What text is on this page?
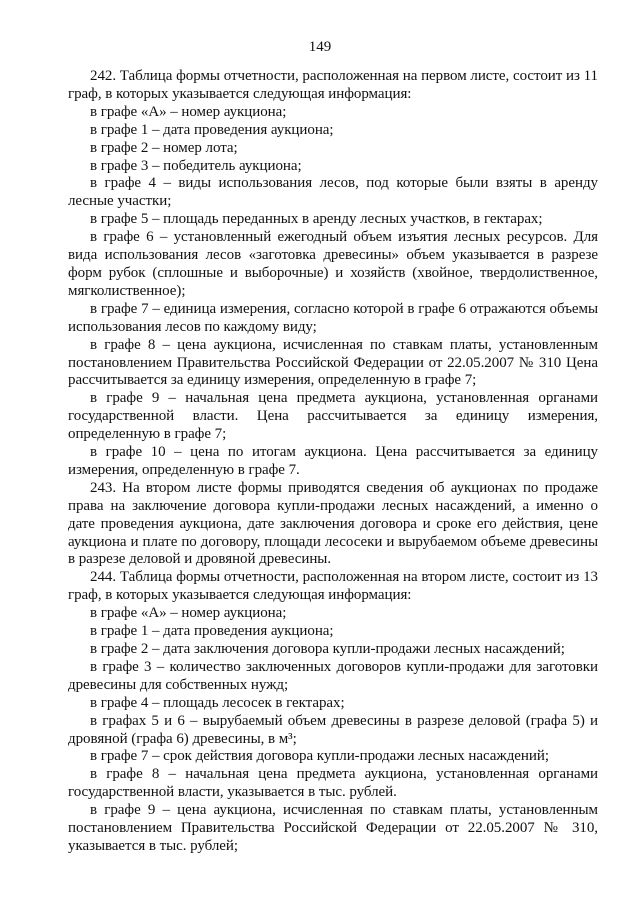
149

242. Таблица формы отчетности, расположенная на первом листе, состоит из 11 граф, в которых указывается следующая информация:

в графе «А» – номер аукциона;

в графе 1 – дата проведения аукциона;

в графе 2 – номер лота;

в графе 3 – победитель аукциона;

в графе 4 – виды использования лесов, под которые были взяты в аренду лесные участки;

в графе 5 – площадь переданных в аренду лесных участков, в гектарах;

в графе 6 – установленный ежегодный объем изъятия лесных ресурсов. Для вида использования лесов «заготовка древесины» объем указывается в разрезе форм рубок (сплошные и выборочные) и хозяйств (хвойное, твердолиственное, мягколиственное);

в графе 7 – единица измерения, согласно которой в графе 6 отражаются объемы использования лесов по каждому виду;

в графе 8 – цена аукциона, исчисленная по ставкам платы, установленным постановлением Правительства Российской Федерации от 22.05.2007 № 310 Цена рассчитывается за единицу измерения, определенную в графе 7;

в графе 9 – начальная цена предмета аукциона, установленная органами государственной власти. Цена рассчитывается за единицу измерения, определенную в графе 7;

в графе 10 – цена по итогам аукциона. Цена рассчитывается за единицу измерения, определенную в графе 7.

243. На втором листе формы приводятся сведения об аукционах по продаже права на заключение договора купли-продажи лесных насаждений, а именно о дате проведения аукциона, дате заключения договора и сроке его действия, цене аукциона и плате по договору, площади лесосеки и вырубаемом объеме древесины в разрезе деловой и дровяной древесины.

244. Таблица формы отчетности, расположенная на втором листе, состоит из 13 граф, в которых указывается следующая информация:

в графе «А» – номер аукциона;

в графе 1 – дата проведения аукциона;

в графе 2 – дата заключения договора купли-продажи лесных насаждений;

в графе 3 – количество заключенных договоров купли-продажи для заготовки древесины для собственных нужд;

в графе 4 – площадь лесосек в гектарах;

в графах 5 и 6 – вырубаемый объем древесины в разрезе деловой (графа 5) и дровяной (графа 6) древесины, в м³;

в графе 7 – срок действия договора купли-продажи лесных насаждений;

в графе 8 – начальная цена предмета аукциона, установленная органами государственной власти, указывается в тыс. рублей.

в графе 9 – цена аукциона, исчисленная по ставкам платы, установленным постановлением Правительства Российской Федерации от 22.05.2007 № 310, указывается в тыс. рублей;
